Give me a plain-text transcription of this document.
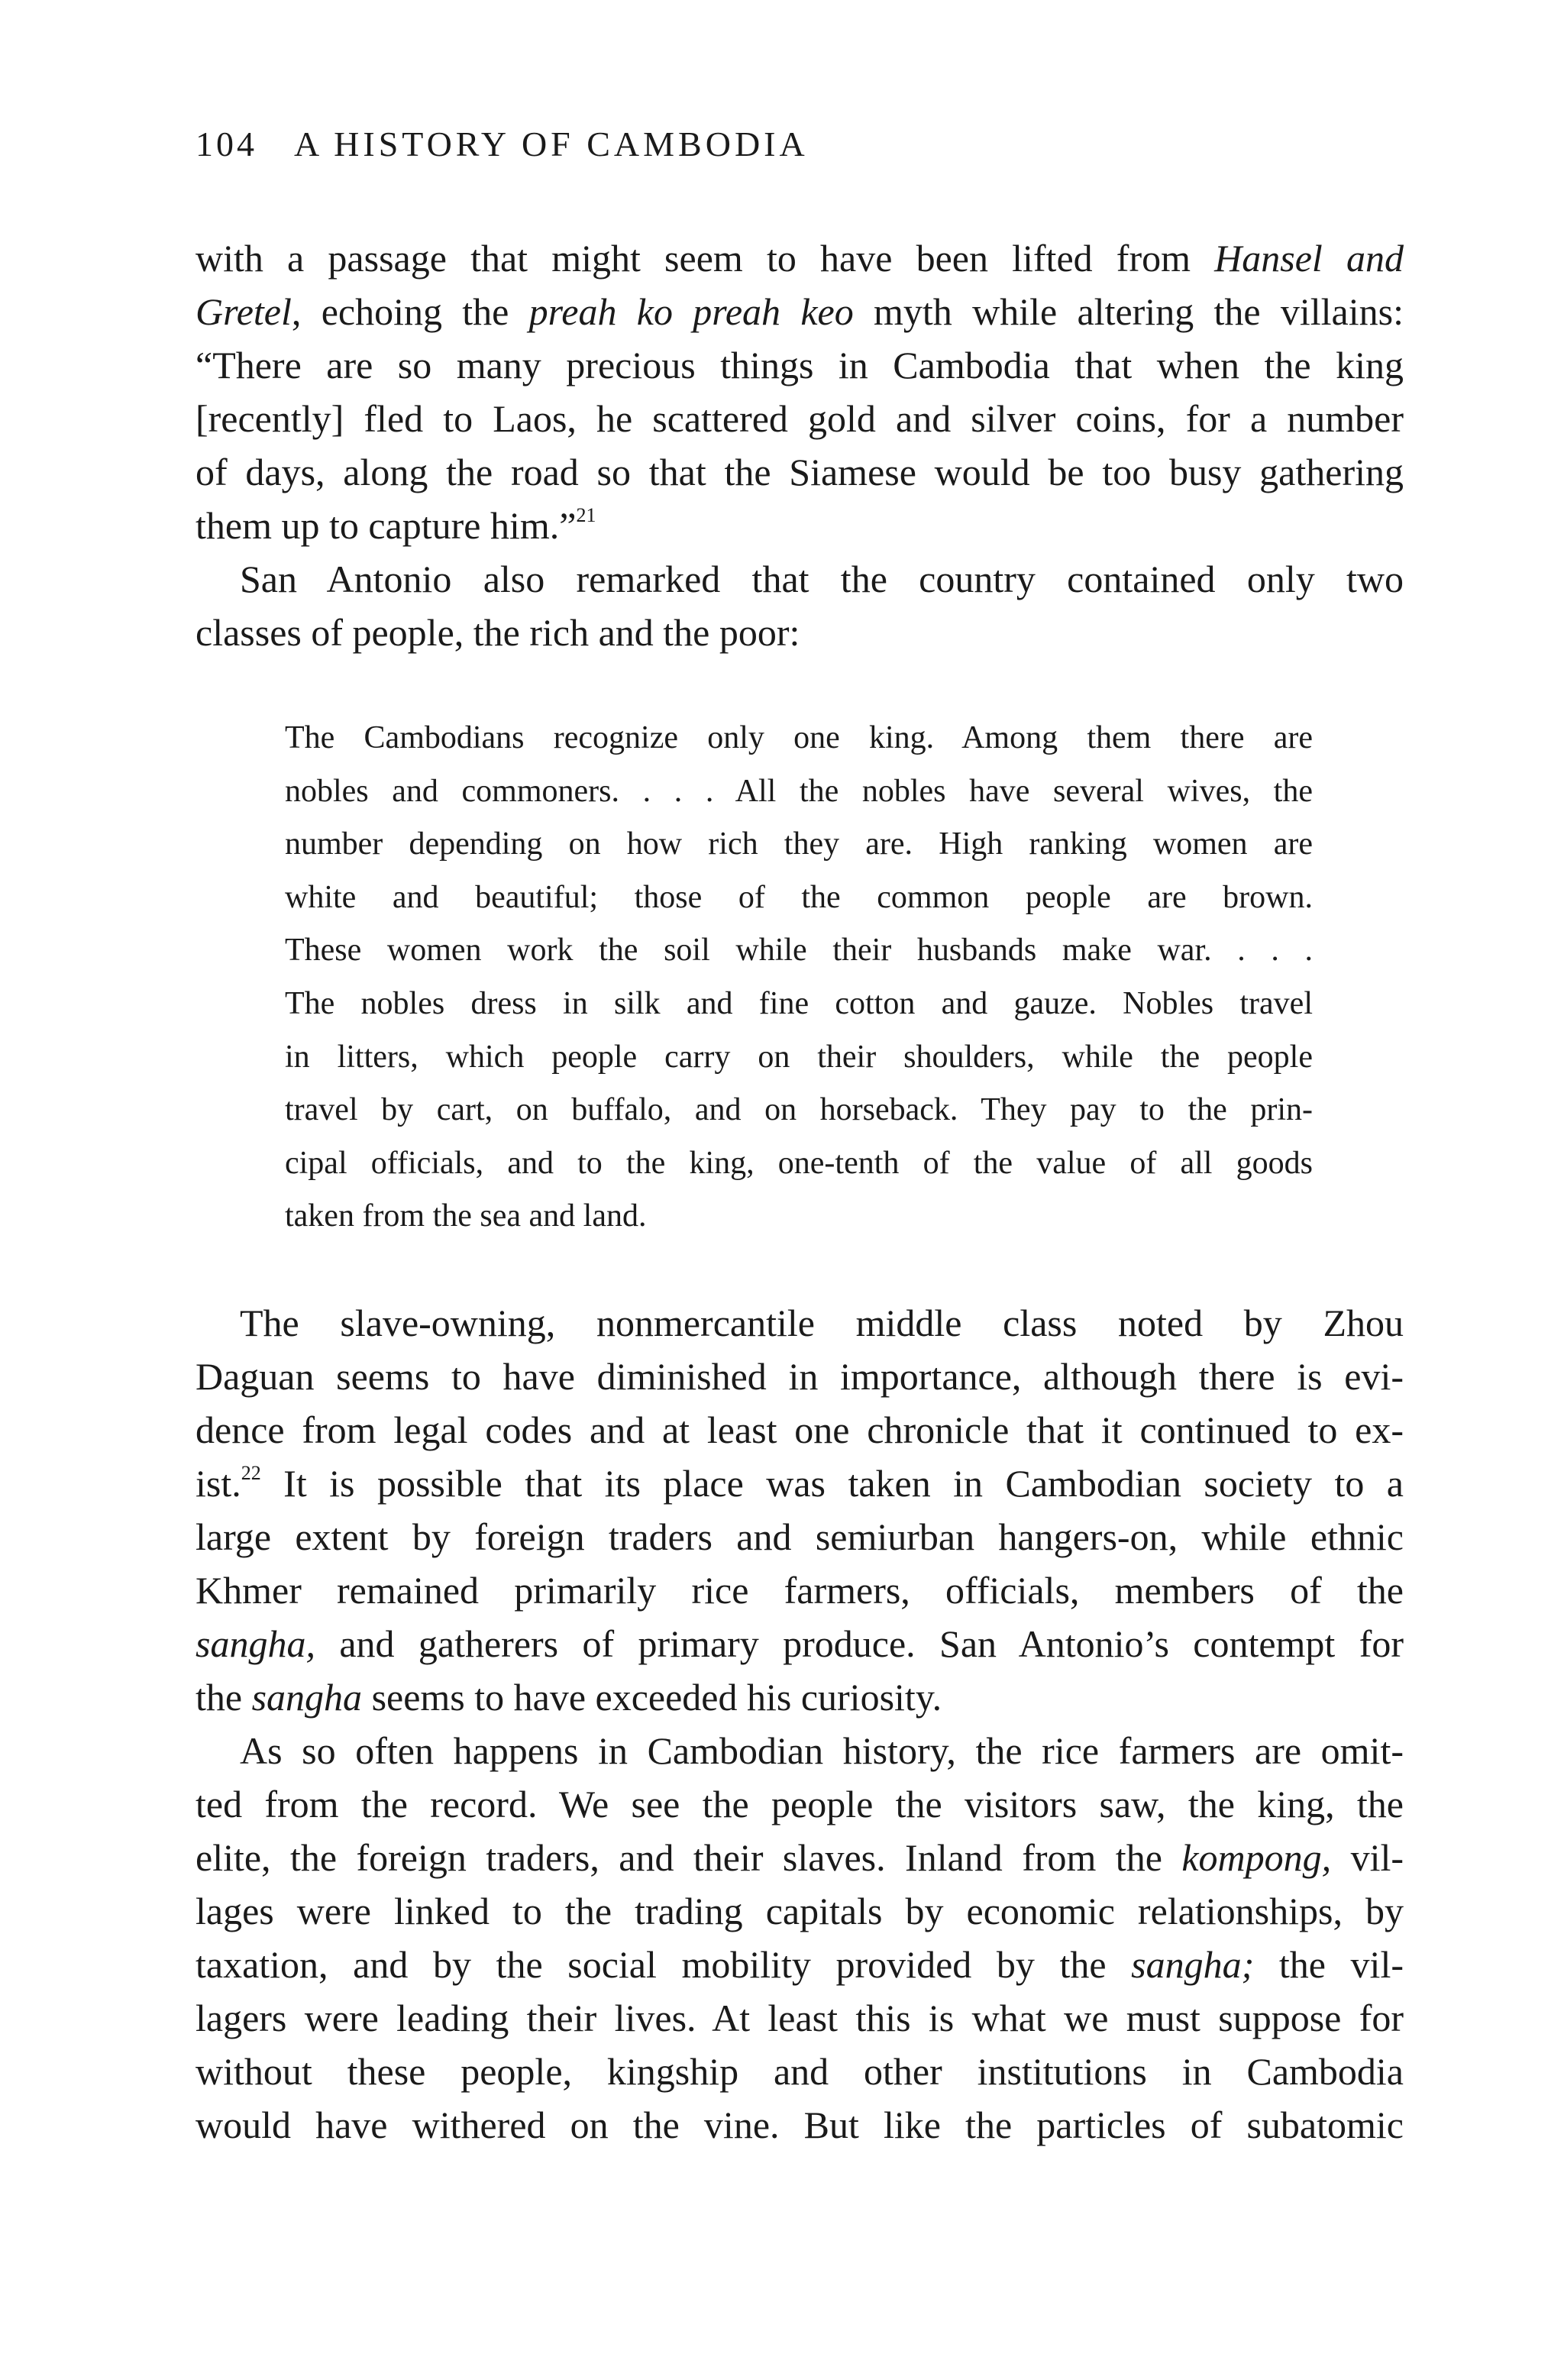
104 A HISTORY OF CAMBODIA
with a passage that might seem to have been lifted from Hansel and
Gretel, echoing the preah ko preah keo myth while altering the villains:
“There are so many precious things in Cambodia that when the king
[recently] fled to Laos, he scattered gold and silver coins, for a number
of days, along the road so that the Siamese would be too busy gathering
them up to capture him.”$^{21}$
San Antonio also remarked that the country contained only two
classes of people, the rich and the poor:
The Cambodians recognize only one king. Among them there are
nobles and commoners. . . . All the nobles have several wives, the
number depending on how rich they are. High ranking women are
white and beautiful; those of the common people are brown.
These women work the soil while their husbands make war. . . .
The nobles dress in silk and fine cotton and gauze. Nobles travel
in litters, which people carry on their shoulders, while the people
travel by cart, on buffalo, and on horseback. They pay to the prin-
cipal officials, and to the king, one-tenth of the value of all goods
taken from the sea and land.
The slave-owning, nonmercantile middle class noted by Zhou
Daguan seems to have diminished in importance, although there is evi-
dence from legal codes and at least one chronicle that it continued to ex-
ist.$^{22}$ It is possible that its place was taken in Cambodian society to a
large extent by foreign traders and semiurban hangers-on, while ethnic
Khmer remained primarily rice farmers, officials, members of the
sangha, and gatherers of primary produce. San Antonio’s contempt for
the sangha seems to have exceeded his curiosity.
As so often happens in Cambodian history, the rice farmers are omit-
ted from the record. We see the people the visitors saw, the king, the
elite, the foreign traders, and their slaves. Inland from the kompong, vil-
lages were linked to the trading capitals by economic relationships, by
taxation, and by the social mobility provided by the sangha; the vil-
lagers were leading their lives. At least this is what we must suppose for
without these people, kingship and other institutions in Cambodia
would have withered on the vine. But like the particles of subatomic
